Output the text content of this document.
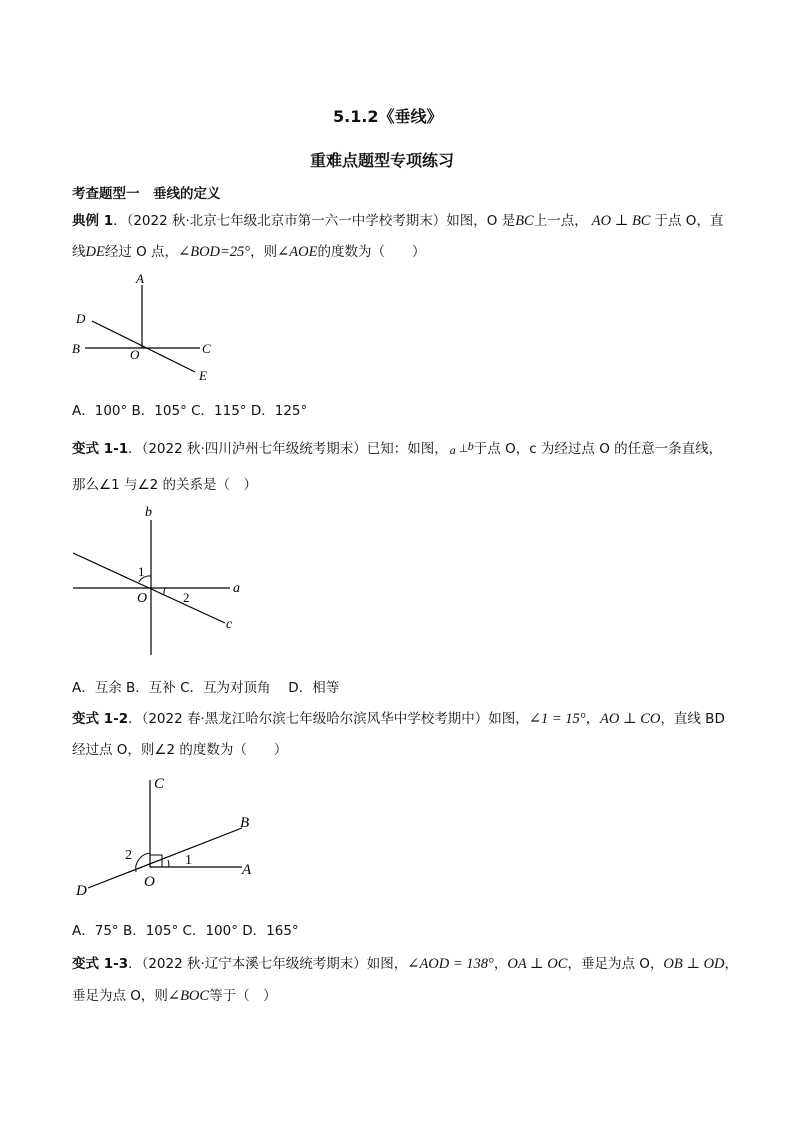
5.1.2《垂线》
重难点题型专项练习
考查题型一　 垂线的定义
典例 1．（2022 秋·北京七年级北京市第一六一中学校考期末）如图，O 是BC上一点， AO ⊥ BC 于点 O，直
线DE经过 O 点，∠BOD=25°，则∠AOE的度数为（　　）
A
D
B	O	C
E
A．100° B．105° C．115° D．125°
变式 1-1．（2022 秋·四川泸州七年级统考期末）已知：如图， a ⊥ b 于点 O，c 为经过点 O 的任意一条直线，
那么∠1 与∠2 的关系是（　）
b
a
c
O
1
2
A．互余 B．互补 C．互为对顶角　 D．相等
变式 1-2．（2022 春·黑龙江哈尔滨七年级哈尔滨风华中学校考期中）如图，∠1 = 15°，AO ⊥ CO，直线 BD
经过点 O，则∠2 的度数为（　　）
C
B
A
D
O
2	1
A．75° B．105° C．100° D．165°
变式 1-3．（2022 秋·辽宁本溪七年级统考期末）如图，∠AOD = 138°，OA ⊥ OC，垂足为点 O，OB ⊥ OD，
垂足为点 O，则∠BOC等于（　）
